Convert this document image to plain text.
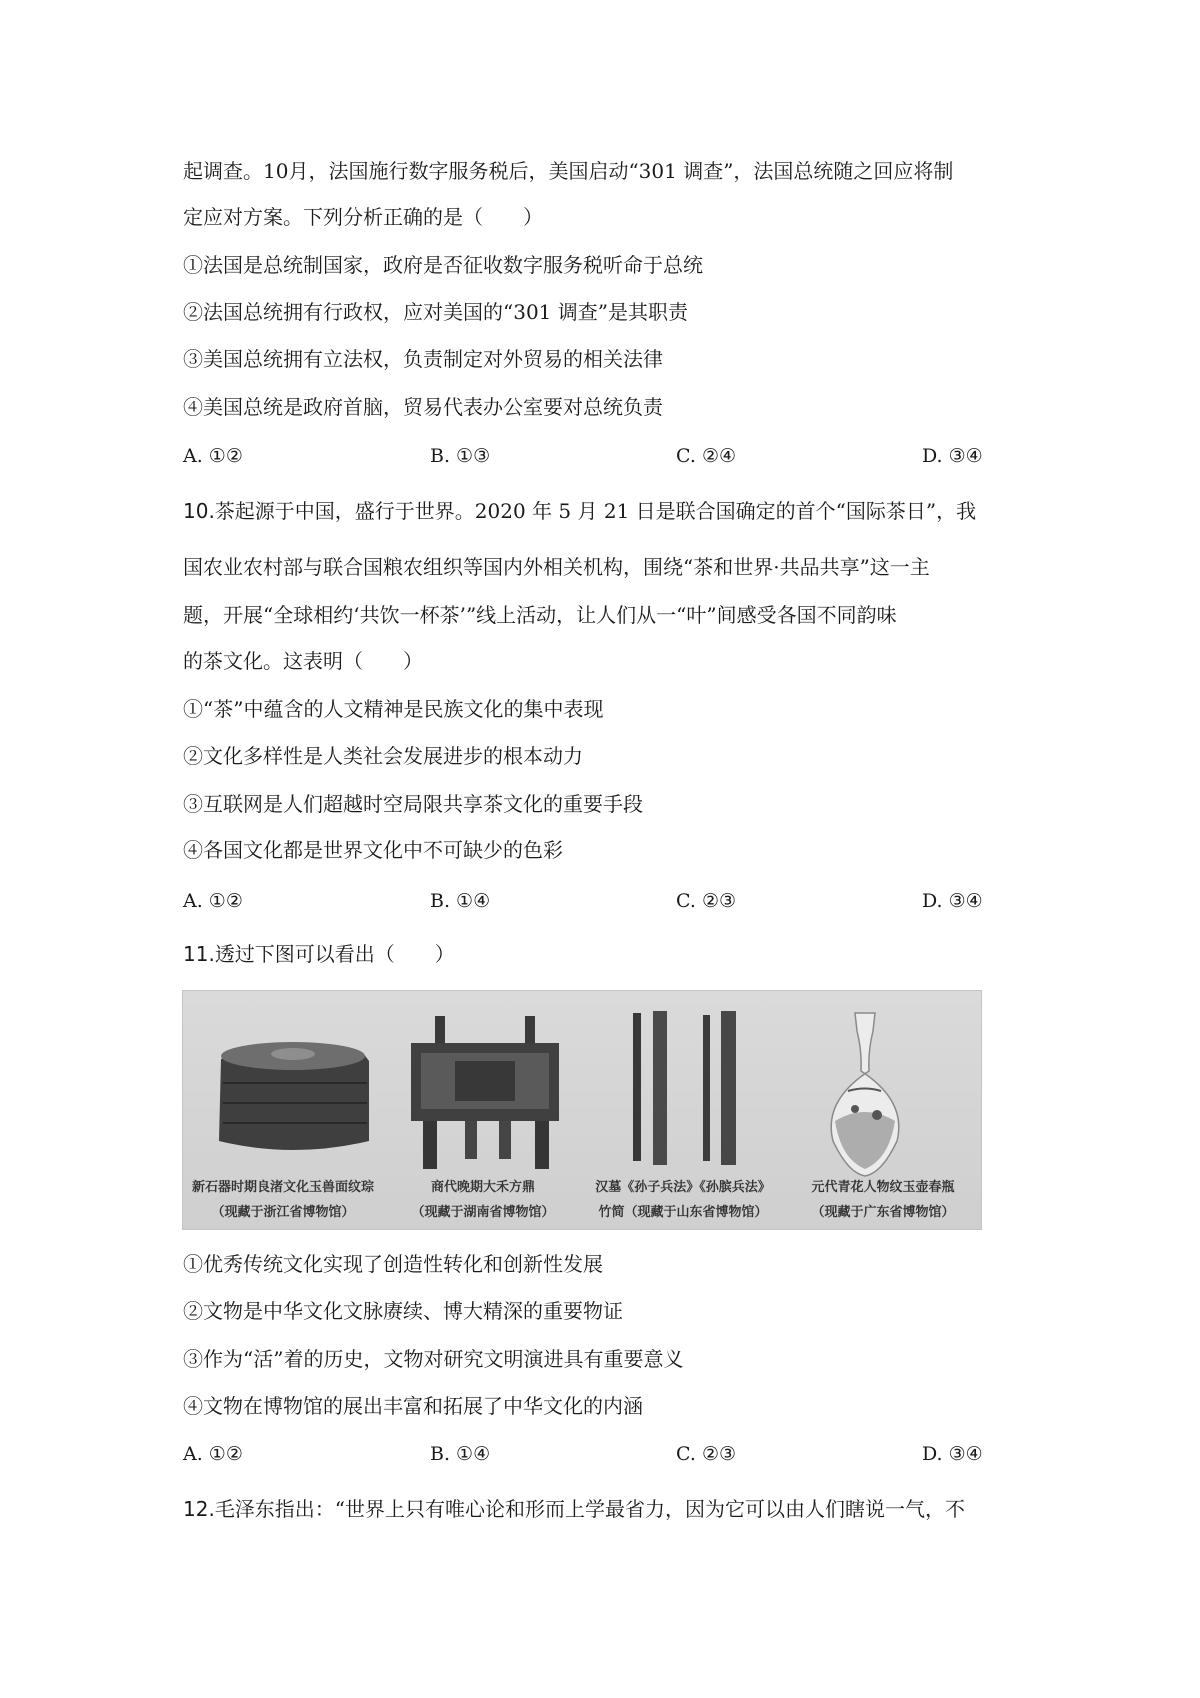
起调查。10月，法国施行数字服务税后，美国启动“301 调查”，法国总统随之回应将制
定应对方案。下列分析正确的是（　　）
①法国是总统制国家，政府是否征收数字服务税听命于总统
②法国总统拥有行政权，应对美国的“301 调查”是其职责
③美国总统拥有立法权，负责制定对外贸易的相关法律
④美国总统是政府首脑，贸易代表办公室要对总统负责
A. ①②	B. ①③	C. ②④	D. ③④
10.茶起源于中国，盛行于世界。2020 年 5 月 21 日是联合国确定的首个“国际茶日”，我
国农业农村部与联合国粮农组织等国内外相关机构，围绕“茶和世界·共品共享”这一主
题，开展“全球相约‘共饮一杯茶’”线上活动，让人们从一“叶”间感受各国不同韵味
的茶文化。这表明（　　）
①“茶”中蕴含的人文精神是民族文化的集中表现
②文化多样性是人类社会发展进步的根本动力
③互联网是人们超越时空局限共享茶文化的重要手段
④各国文化都是世界文化中不可缺少的色彩
A. ①②	B. ①④	C. ②③	D. ③④
11.透过下图可以看出（　　）
新石器时期良渚文化玉兽面纹琮
（现藏于浙江省博物馆）
商代晚期大禾方鼎
（现藏于湖南省博物馆）
汉墓《孙子兵法》《孙膑兵法》
竹简（现藏于山东省博物馆）
元代青花人物纹玉壶春瓶
（现藏于广东省博物馆）
①优秀传统文化实现了创造性转化和创新性发展
②文物是中华文化文脉赓续、博大精深的重要物证
③作为“活”着的历史，文物对研究文明演进具有重要意义
④文物在博物馆的展出丰富和拓展了中华文化的内涵
A. ①②	B. ①④	C. ②③	D. ③④
12.毛泽东指出：“世界上只有唯心论和形而上学最省力，因为它可以由人们瞎说一气，不
